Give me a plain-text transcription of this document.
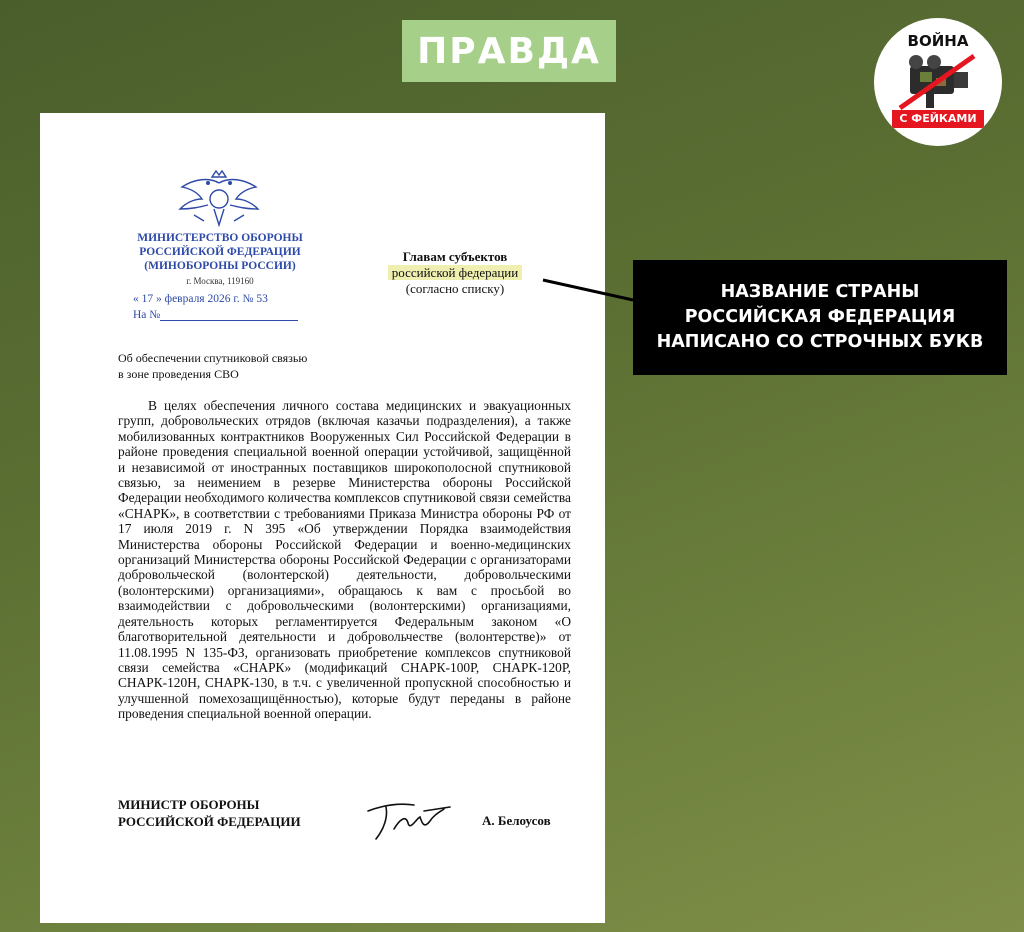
ПРАВДА	ВОЙНА
С ФЕЙКАМИ
МИНИСТЕРСТВО ОБОРОНЫ
РОССИЙСКОЙ ФЕДЕРАЦИИ
(МИНОБОРОНЫ РОССИИ)
г. Москва, 119160
« 17 » февраля 2026 г. № 53
На №
Главам субъектов
российской федерации
(согласно списку)
Об обеспечении спутниковой связью
в зоне проведения СВО

В целях обеспечения личного состава медицинских и эвакуационных групп, добровольческих отрядов (включая казачьи подразделения), а также мобилизованных контрактников Вооруженных Сил Российской Федерации в районе проведения специальной военной операции устойчивой, защищённой и независимой от иностранных поставщиков широкополосной спутниковой связью, за неимением в резерве Министерства обороны Российской Федерации необходимого количества комплексов спутниковой связи семейства «СНАРК», в соответствии с требованиями Приказа Министра обороны РФ от 17 июля 2019 г. N 395 «Об утверждении Порядка взаимодействия Министерства обороны Российской Федерации и военно-медицинских организаций Министерства обороны Российской Федерации с организаторами добровольческой (волонтерской) деятельности, добровольческими (волонтерскими) организациями», обращаюсь к вам с просьбой во взаимодействии с добровольческими (волонтерскими) организациями, деятельность которых регламентируется Федеральным законом «О благотворительной деятельности и добровольчестве (волонтерстве)» от 11.08.1995 N 135-ФЗ, организовать приобретение комплексов спутниковой связи семейства «СНАРК» (модификаций СНАРК-100Р, СНАРК-120Р, СНАРК-120Н, СНАРК-130, в т.ч. с увеличенной пропускной способностью и улучшенной помехозащищённостью), которые будут переданы в районе проведения специальной военной операции.

МИНИСТР ОБОРОНЫ
РОССИЙСКОЙ ФЕДЕРАЦИИ	А. Белоусов
НАЗВАНИЕ СТРАНЫ
РОССИЙСКАЯ ФЕДЕРАЦИЯ
НАПИСАНО СО СТРОЧНЫХ БУКВ
